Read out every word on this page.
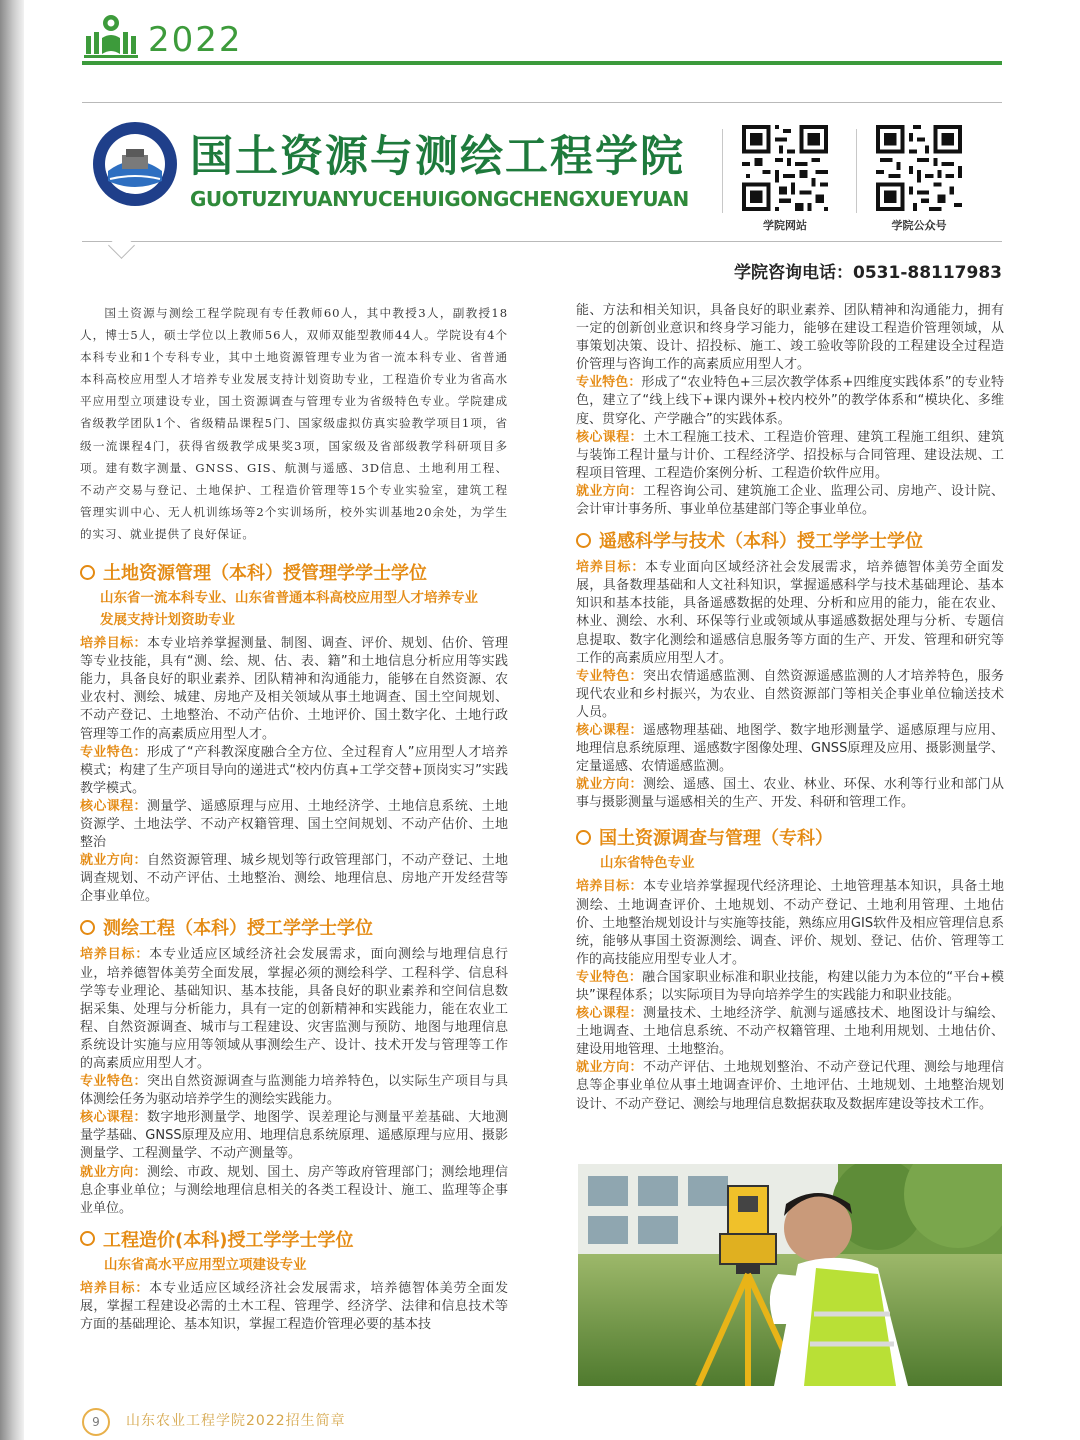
2022
国土资源与测绘工程学院
GUOTUZIYUANYUCEHUIGONGCHENGXUEYUAN
学院网站	学院公众号
学院咨询电话：0531-88117983

国土资源与测绘工程学院现有专任教师60人，其中教授3人，副教授18人，博士5人，硕士学位以上教师56人，双师双能型教师44人。学院设有4个本科专业和1个专科专业，其中土地资源管理专业为省一流本科专业、省普通本科高校应用型人才培养专业发展支持计划资助专业，工程造价专业为省高水平应用型立项建设专业，国土资源调查与管理专业为省级特色专业。学院建成省级教学团队1个、省级精品课程5门、国家级虚拟仿真实验教学项目1项，省级一流课程4门，获得省级教学成果奖3项，国家级及省部级教学科研项目多项。建有数字测量、GNSS、GIS、航测与遥感、3D信息、土地利用工程、不动产交易与登记、土地保护、工程造价管理等15个专业实验室，建筑工程管理实训中心、无人机训练场等2个实训场所，校外实训基地20余处，为学生的实习、就业提供了良好保证。

土地资源管理（本科）授管理学学士学位

山东省一流本科专业、山东省普通本科高校应用型人才培养专业

发展支持计划资助专业

培养目标：本专业培养掌握测量、制图、调查、评价、规划、估价、管理等专业技能，具有“测、绘、规、估、表、籍”和土地信息分析应用等实践能力，具备良好的职业素养、团队精神和沟通能力，能够在自然资源、农业农村、测绘、城建、房地产及相关领域从事土地调查、国土空间规划、不动产登记、土地整治、不动产估价、土地评价、国土数字化、土地行政管理等工作的高素质应用型人才。

专业特色：形成了“产科教深度融合全方位、全过程育人”应用型人才培养模式；构建了生产项目导向的递进式“校内仿真+工学交替+顶岗实习”实践教学模式。

核心课程：测量学、遥感原理与应用、土地经济学、土地信息系统、土地资源学、土地法学、不动产权籍管理、国土空间规划、不动产估价、土地整治

就业方向：自然资源管理、城乡规划等行政管理部门，不动产登记、土地调查规划、不动产评估、土地整治、测绘、地理信息、房地产开发经营等企事业单位。

测绘工程（本科）授工学学士学位

培养目标：本专业适应区域经济社会发展需求，面向测绘与地理信息行业，培养德智体美劳全面发展，掌握必须的测绘科学、工程科学、信息科学等专业理论、基础知识、基本技能，具备良好的职业素养和空间信息数据采集、处理与分析能力，具有一定的创新精神和实践能力，能在农业工程、自然资源调查、城市与工程建设、灾害监测与预防、地图与地理信息系统设计实施与应用等领域从事测绘生产、设计、技术开发与管理等工作的高素质应用型人才。

专业特色：突出自然资源调查与监测能力培养特色，以实际生产项目与具体测绘任务为驱动培养学生的测绘实践能力。

核心课程：数字地形测量学、地图学、误差理论与测量平差基础、大地测量学基础、GNSS原理及应用、地理信息系统原理、遥感原理与应用、摄影测量学、工程测量学、不动产测量等。

就业方向：测绘、市政、规划、国土、房产等政府管理部门；测绘地理信息企事业单位；与测绘地理信息相关的各类工程设计、施工、监理等企事业单位。

工程造价(本科)授工学学士学位

山东省高水平应用型立项建设专业

培养目标：本专业适应区域经济社会发展需求，培养德智体美劳全面发展，掌握工程建设必需的土木工程、管理学、经济学、法律和信息技术等方面的基础理论、基本知识，掌握工程造价管理必要的基本技

能、方法和相关知识，具备良好的职业素养、团队精神和沟通能力，拥有一定的创新创业意识和终身学习能力，能够在建设工程造价管理领域，从事策划决策、设计、招投标、施工、竣工验收等阶段的工程建设全过程造价管理与咨询工作的高素质应用型人才。

专业特色：形成了“农业特色+三层次教学体系+四维度实践体系”的专业特色，建立了“线上线下+课内课外+校内校外”的教学体系和“模块化、多维度、贯穿化、产学融合”的实践体系。

核心课程：土木工程施工技术、工程造价管理、建筑工程施工组织、建筑与装饰工程计量与计价、工程经济学、招投标与合同管理、建设法规、工程项目管理、工程造价案例分析、工程造价软件应用。

就业方向：工程咨询公司、建筑施工企业、监理公司、房地产、设计院、会计审计事务所、事业单位基建部门等企事业单位。

遥感科学与技术（本科）授工学学士学位

培养目标：本专业面向区域经济社会发展需求，培养德智体美劳全面发展，具备数理基础和人文社科知识，掌握遥感科学与技术基础理论、基本知识和基本技能，具备遥感数据的处理、分析和应用的能力，能在农业、林业、测绘、水利、环保等行业或领域从事遥感数据处理与分析、专题信息提取、数字化测绘和遥感信息服务等方面的生产、开发、管理和研究等工作的高素质应用型人才。

专业特色：突出农情遥感监测、自然资源遥感监测的人才培养特色，服务现代农业和乡村振兴，为农业、自然资源部门等相关企事业单位输送技术人员。

核心课程：遥感物理基础、地图学、数字地形测量学、遥感原理与应用、地理信息系统原理、遥感数字图像处理、GNSS原理及应用、摄影测量学、定量遥感、农情遥感监测。

就业方向：测绘、遥感、国土、农业、林业、环保、水利等行业和部门从事与摄影测量与遥感相关的生产、开发、科研和管理工作。

国土资源调查与管理（专科）

山东省特色专业

培养目标：本专业培养掌握现代经济理论、土地管理基本知识，具备土地测绘、土地调查评价、土地规划、不动产登记、土地利用管理、土地估价、土地整治规划设计与实施等技能，熟练应用GIS软件及相应管理信息系统，能够从事国土资源测绘、调查、评价、规划、登记、估价、管理等工作的高技能应用型专业人才。

专业特色：融合国家职业标准和职业技能，构建以能力为本位的“平台+模块”课程体系；以实际项目为导向培养学生的实践能力和职业技能。

核心课程：测量技术、土地经济学、航测与遥感技术、地图设计与编绘、土地调查、土地信息系统、不动产权籍管理、土地利用规划、土地估价、建设用地管理、土地整治。

就业方向：不动产评估、土地规划整治、不动产登记代理、测绘与地理信息等企事业单位从事土地调查评价、土地评估、土地规划、土地整治规划设计、不动产登记、测绘与地理信息数据获取及数据库建设等技术工作。

9	山东农业工程学院2022招生简章
